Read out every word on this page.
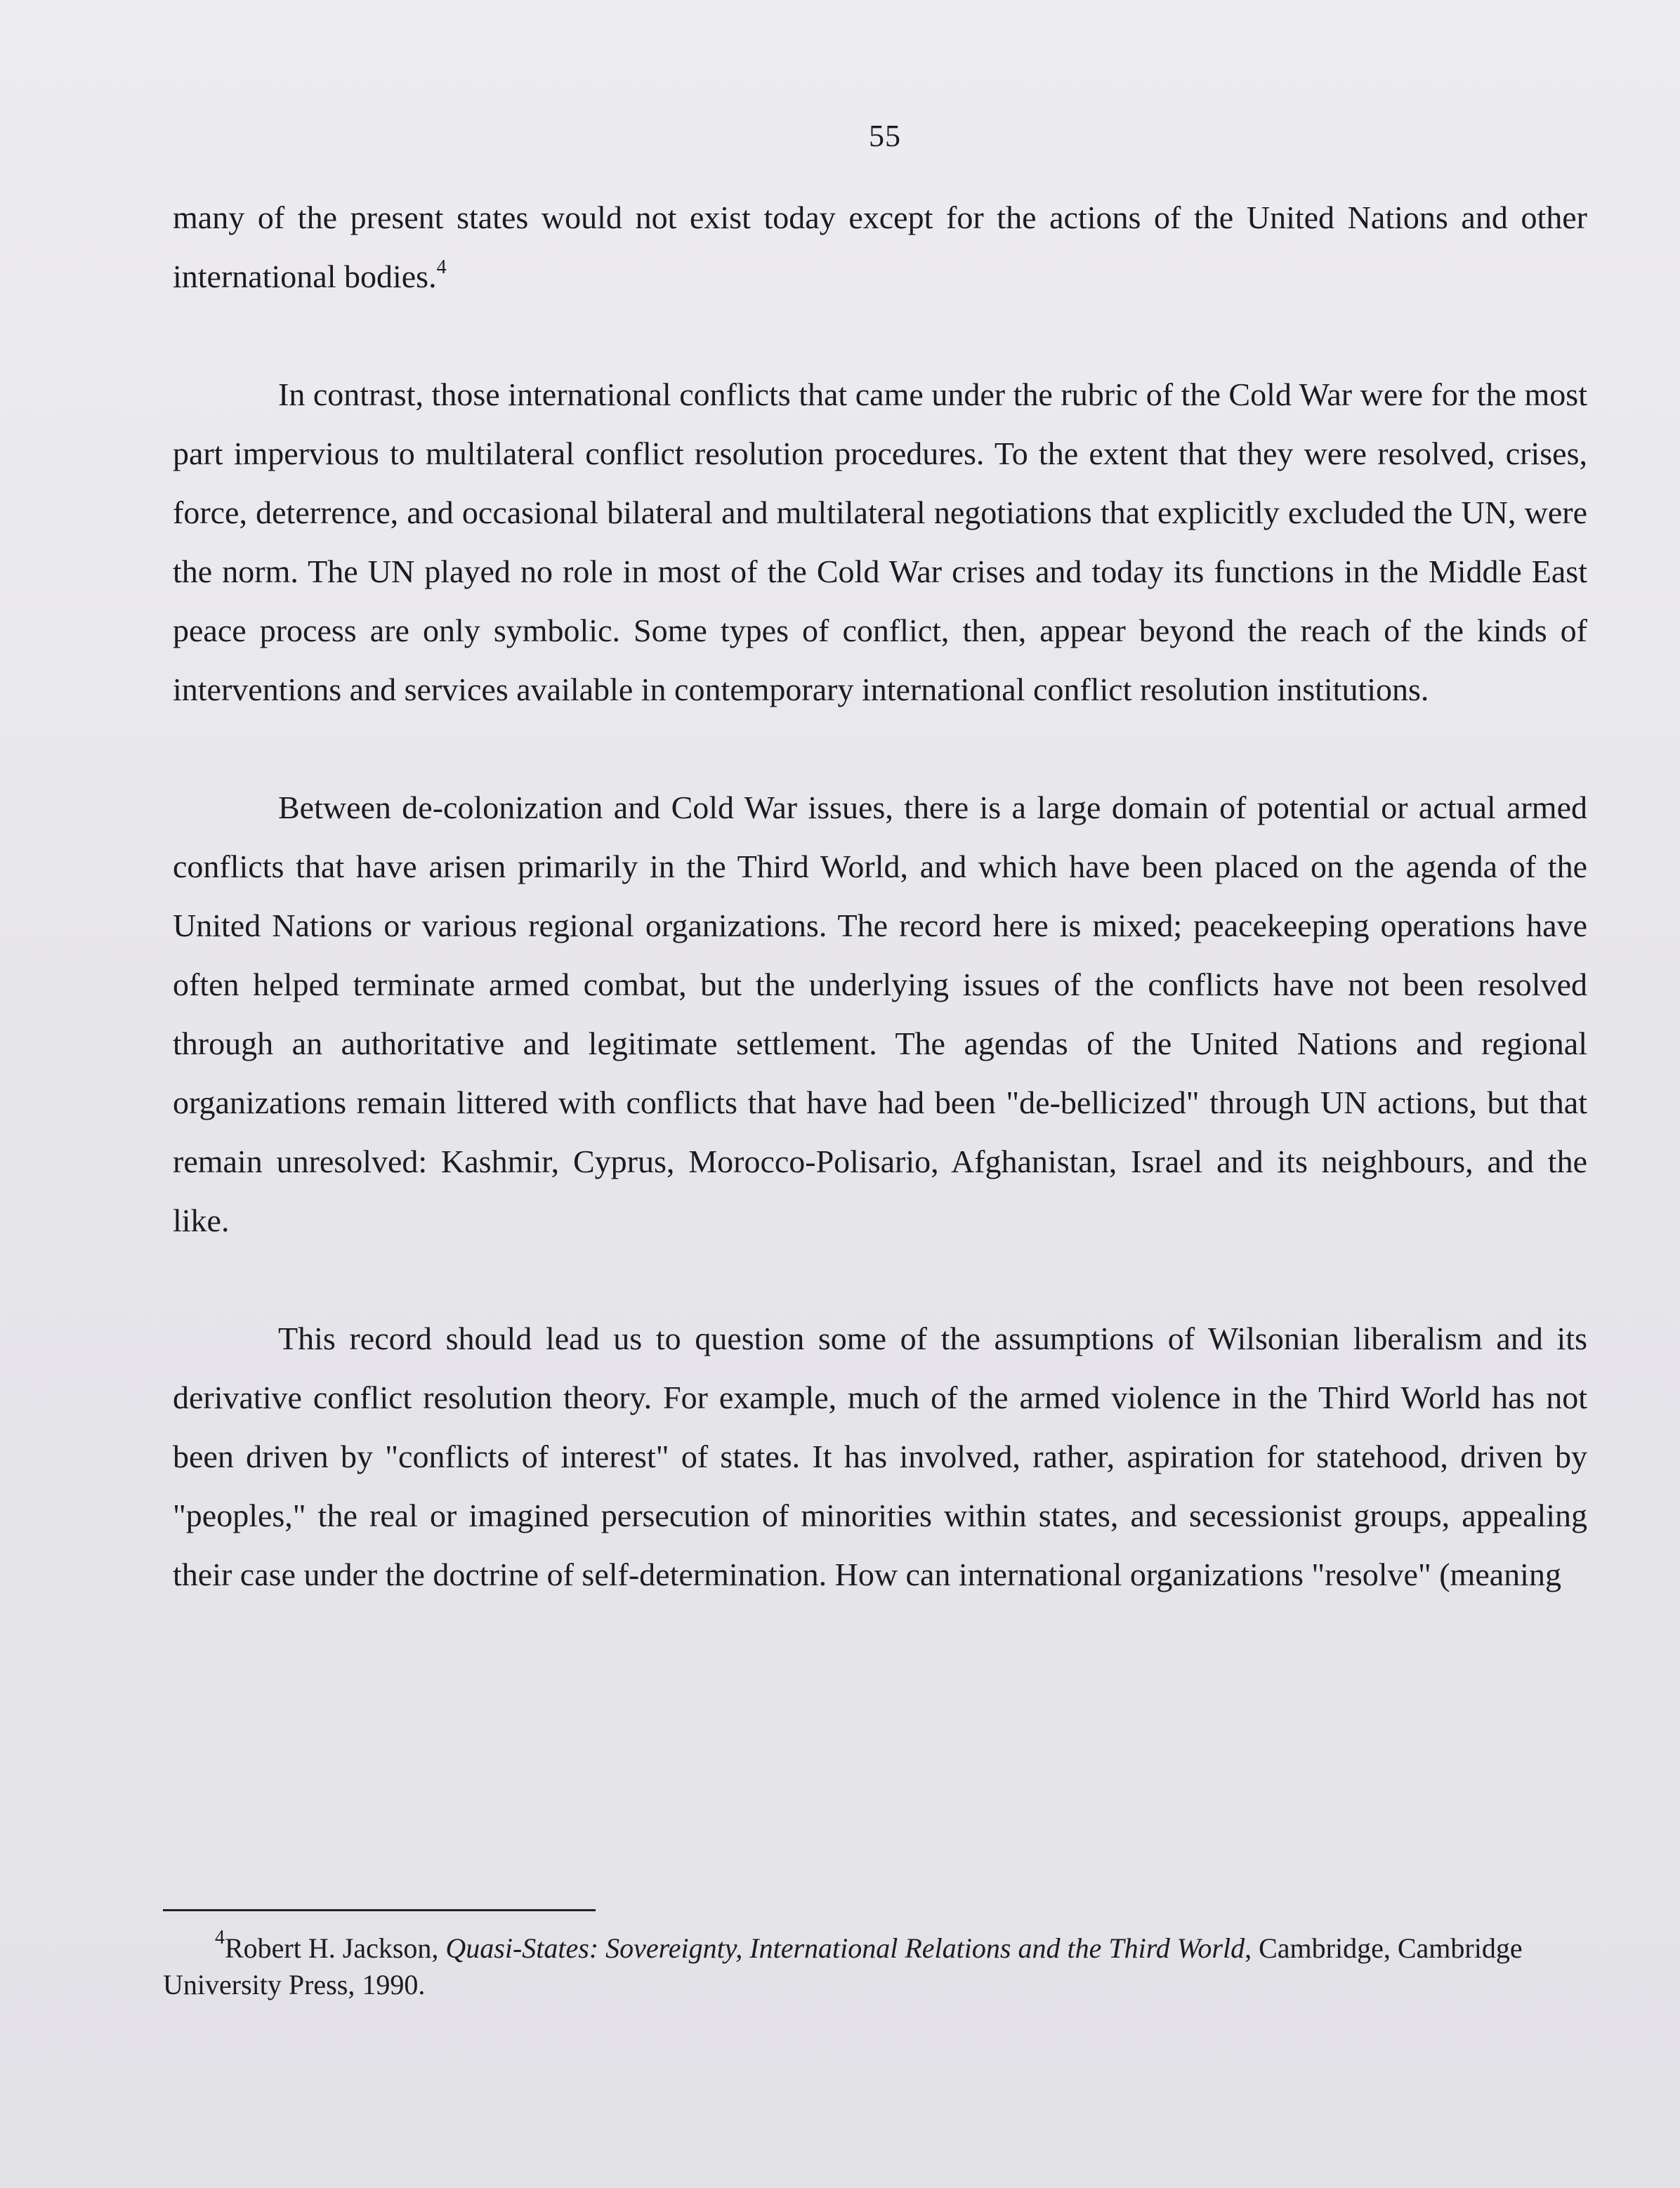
55

many of the present states would not exist today except for the actions of the United Nations and other international bodies.$^4$

In contrast, those international conflicts that came under the rubric of the Cold War were for the most part impervious to multilateral conflict resolution procedures. To the extent that they were resolved, crises, force, deterrence, and occasional bilateral and multilateral negotiations that explicitly excluded the UN, were the norm. The UN played no role in most of the Cold War crises and today its functions in the Middle East peace process are only symbolic. Some types of conflict, then, appear beyond the reach of the kinds of interventions and services available in contemporary international conflict resolution institutions.

Between de-colonization and Cold War issues, there is a large domain of potential or actual armed conflicts that have arisen primarily in the Third World, and which have been placed on the agenda of the United Nations or various regional organizations. The record here is mixed; peacekeeping operations have often helped terminate armed combat, but the underlying issues of the conflicts have not been resolved through an authoritative and legitimate settlement. The agendas of the United Nations and regional organizations remain littered with conflicts that have had been "de-bellicized" through UN actions, but that remain unresolved: Kashmir, Cyprus, Morocco-Polisario, Afghanistan, Israel and its neighbours, and the like.

This record should lead us to question some of the assumptions of Wilsonian liberalism and its derivative conflict resolution theory. For example, much of the armed violence in the Third World has not been driven by "conflicts of interest" of states. It has involved, rather, aspiration for statehood, driven by "peoples," the real or imagined persecution of minorities within states, and secessionist groups, appealing their case under the doctrine of self-determination. How can international organizations "resolve" (meaning

$^4$Robert H. Jackson, Quasi-States: Sovereignty, International Relations and the Third World, Cambridge, Cambridge University Press, 1990.
